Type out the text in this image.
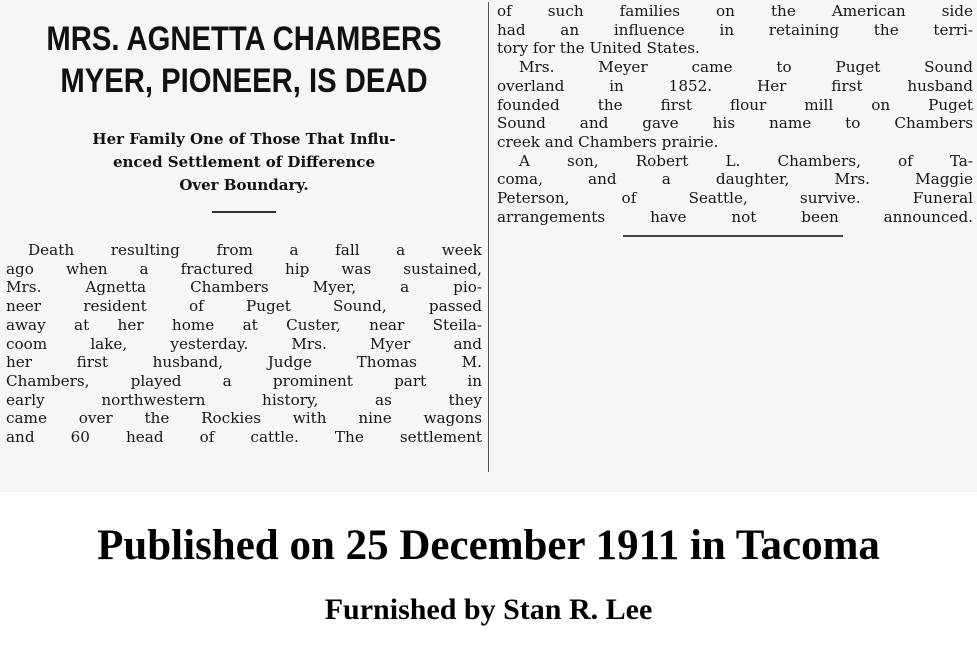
MRS. AGNETTA CHAMBERS
MYER, PIONEER, IS DEAD
Her Family One of Those That Influ-
enced Settlement of Difference
Over Boundary.
Death resulting from a fall a week
ago when a fractured hip was sustained,
Mrs. Agnetta Chambers Myer, a pio-
neer resident of Puget Sound, passed
away at her home at Custer, near Steila-
coom lake, yesterday. Mrs. Myer and
her first husband, Judge Thomas M.
Chambers, played a prominent part in
early northwestern history, as they
came over the Rockies with nine wagons
and 60 head of cattle. The settlement
of such families on the American side
had an influence in retaining the terri-
tory for the United States.
Mrs. Meyer came to Puget Sound
overland in 1852. Her first husband
founded the first flour mill on Puget
Sound and gave his name to Chambers
creek and Chambers prairie.
A son, Robert L. Chambers, of Ta-
coma, and a daughter, Mrs. Maggie
Peterson, of Seattle, survive. Funeral
arrangements have not been announced.

Published on 25 December 1911 in Tacoma

Furnished by Stan R. Lee
